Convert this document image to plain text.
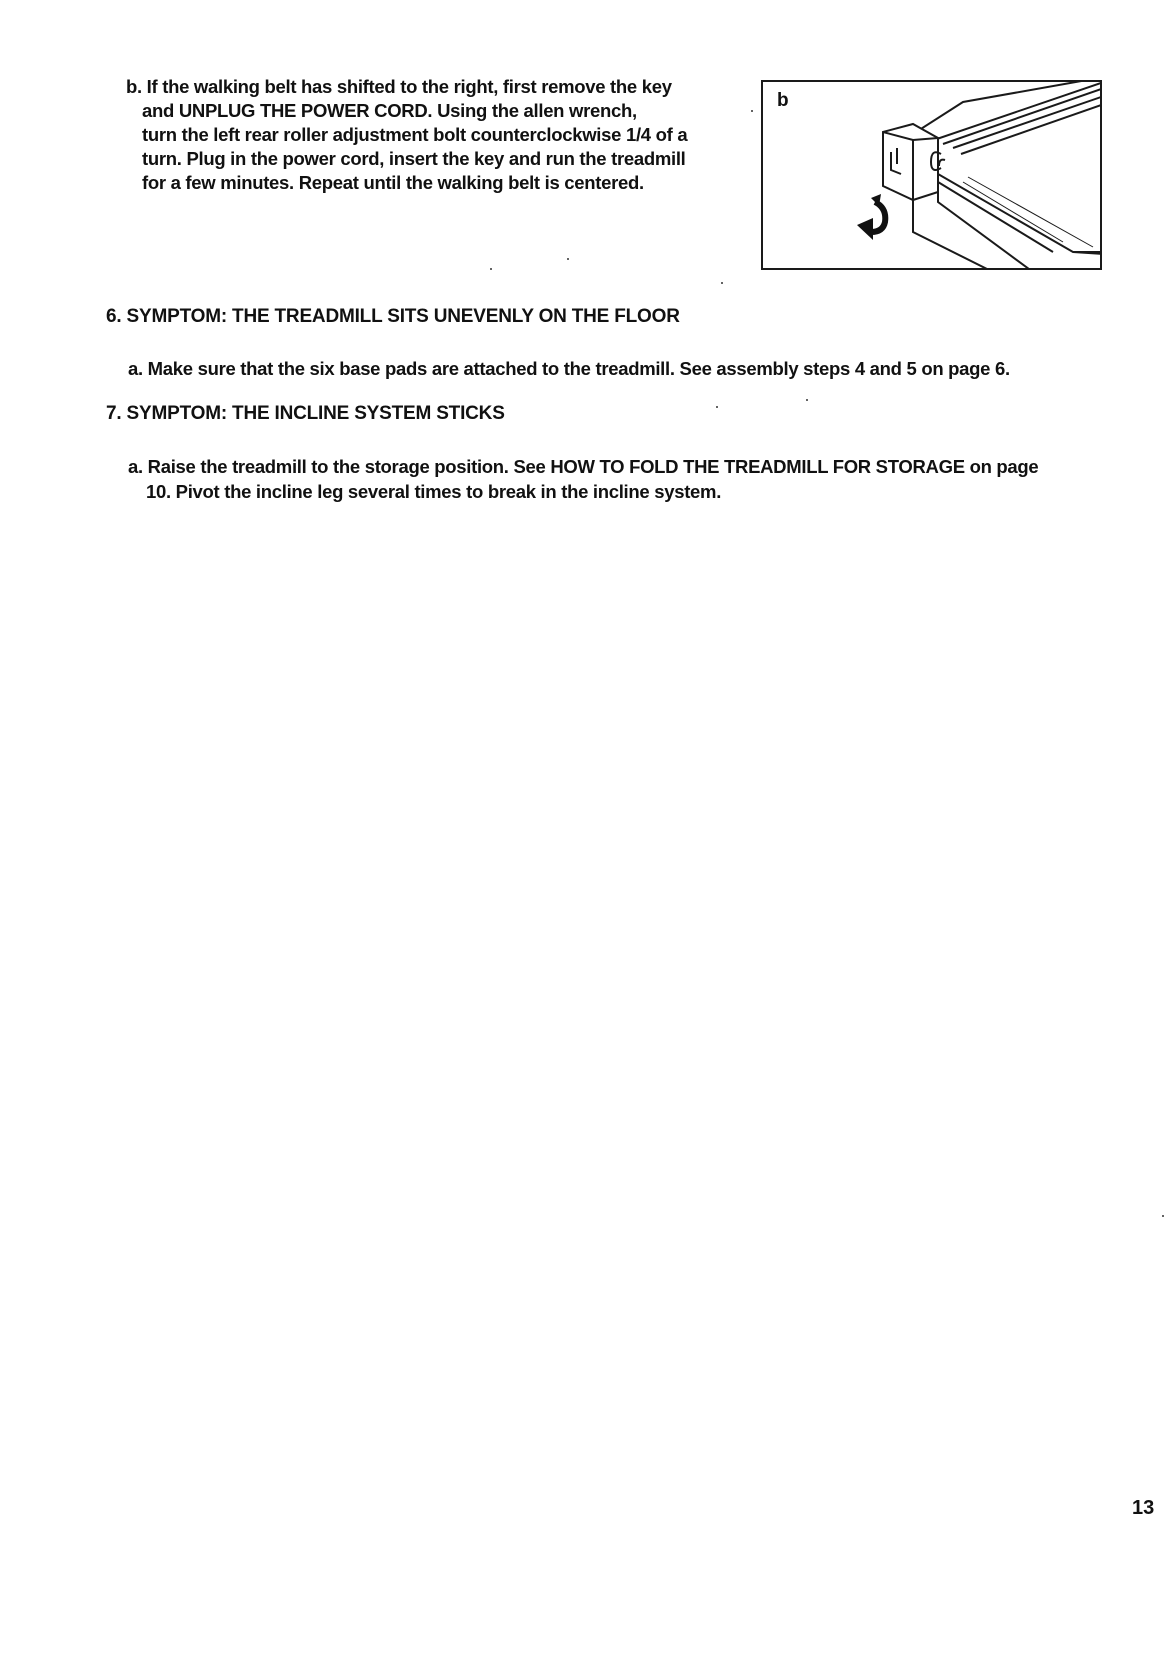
b. If the walking belt has shifted to the right, first remove the key
and UNPLUG THE POWER CORD. Using the allen wrench,
turn the left rear roller adjustment bolt counterclockwise 1/4 of a
turn. Plug in the power cord, insert the key and run the treadmill
for a few minutes. Repeat until the walking belt is centered.
b
6. SYMPTOM: THE TREADMILL SITS UNEVENLY ON THE FLOOR
a. Make sure that the six base pads are attached to the treadmill. See assembly steps 4 and 5 on page 6.
7. SYMPTOM: THE INCLINE SYSTEM STICKS
a. Raise the treadmill to the storage position. See HOW TO FOLD THE TREADMILL FOR STORAGE on page
10. Pivot the incline leg several times to break in the incline system.
13
